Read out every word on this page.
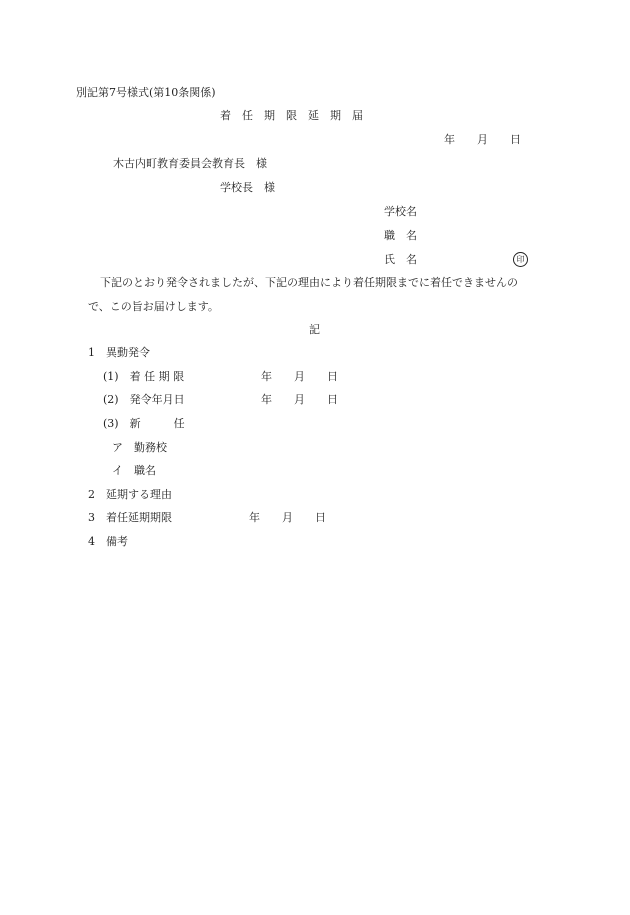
別記第7号様式(第10条関係)
着　任　期　限　延　期　届
年　　月　　日
木古内町教育委員会教育長　様
学校長　様
学校名
職　名
氏　名	印
下記のとおり発令されましたが、下記の理由により着任期限までに着任できませんの
で、この旨お届けします。
記
1　異動発令
(1)　着 任 期 限	年　　月　　日
(2)　発令年月日	年　　月　　日
(3)　新　　　任
ア　勤務校
イ　職名
2　延期する理由
3　着任延期期限	年　　月　　日
4　備考
